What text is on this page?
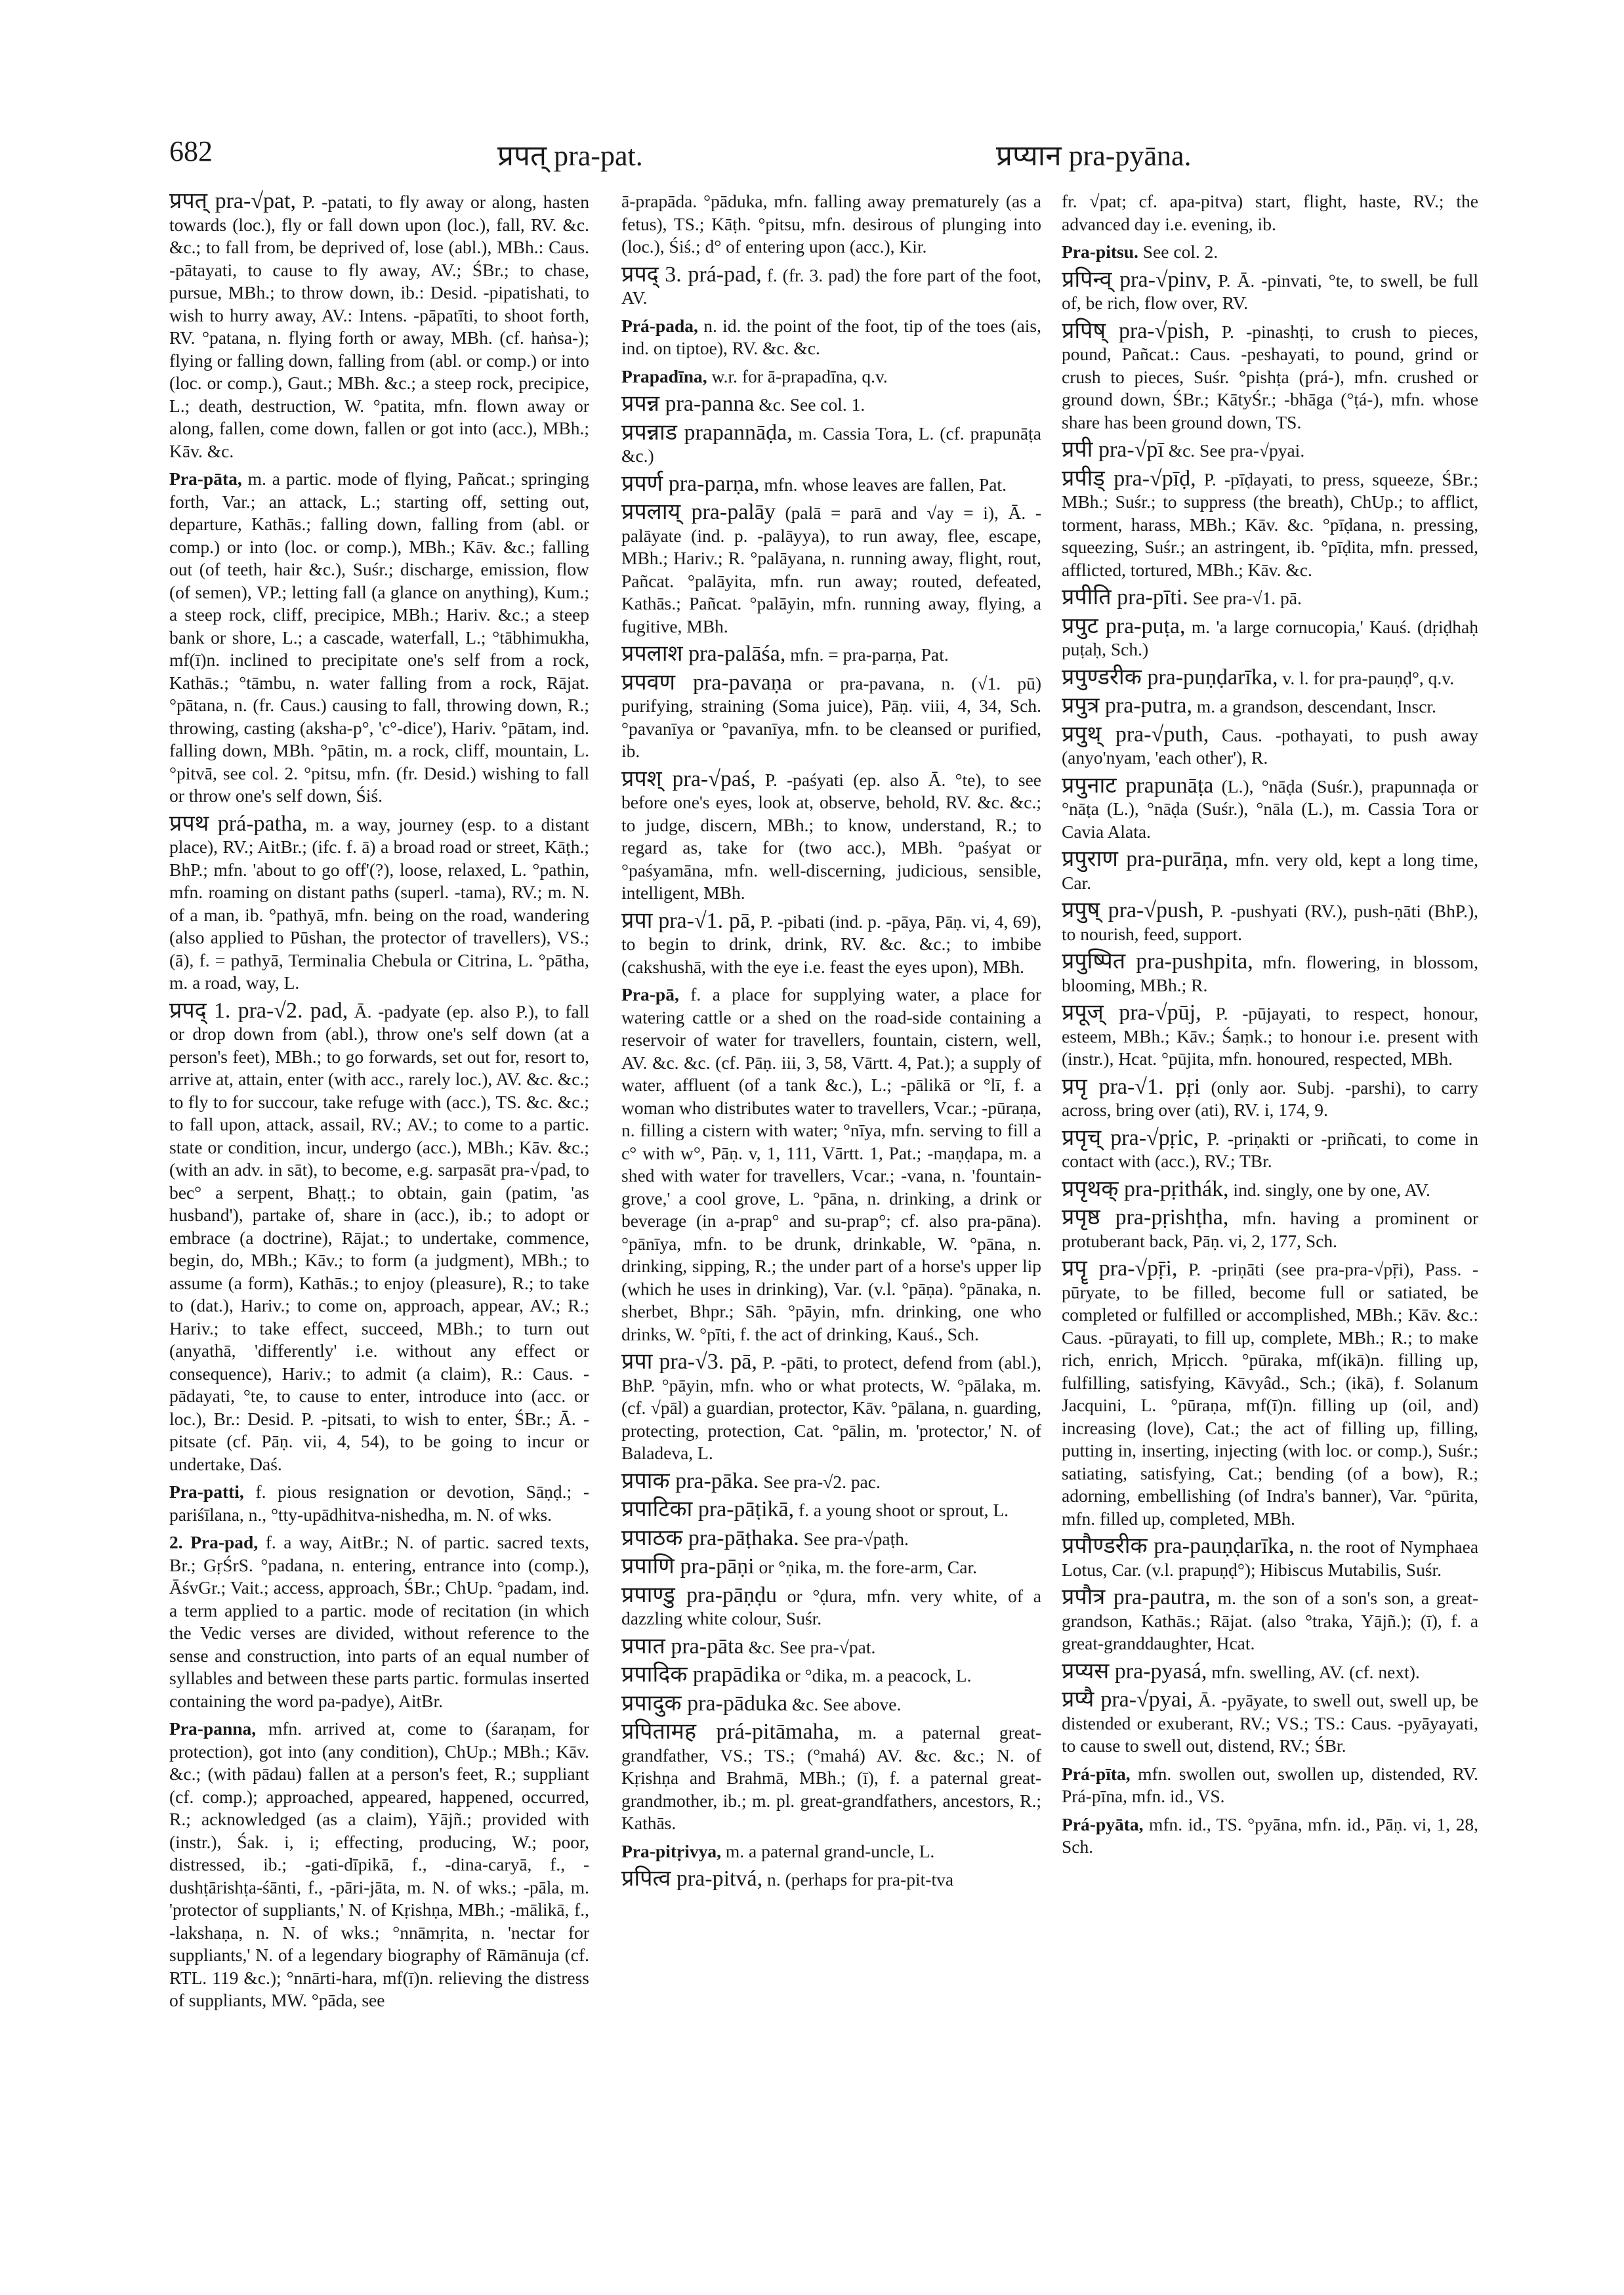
682	प्रपत् pra-pat.	प्रप्यान pra-pyāna.

प्रपत् pra-√pat, P. -patati, to fly away or along, hasten towards (loc.), fly or fall down upon (loc.), fall, RV. &c. &c.; to fall from, be deprived of, lose (abl.), MBh.: Caus. -pātayati, to cause to fly away, AV.; ŚBr.; to chase, pursue, MBh.; to throw down, ib.: Desid. -pipatishati, to wish to hurry away, AV.: Intens. -pāpatīti, to shoot forth, RV. °patana, n. flying forth or away, MBh. (cf. haṅsa-); flying or falling down, falling from (abl. or comp.) or into (loc. or comp.), Gaut.; MBh. &c.; a steep rock, precipice, L.; death, destruction, W. °patita, mfn. flown away or along, fallen, come down, fallen or got into (acc.), MBh.; Kāv. &c.

Pra-pāta, m. a partic. mode of flying, Pañcat.; springing forth, Var.; an attack, L.; starting off, setting out, departure, Kathās.; falling down, falling from (abl. or comp.) or into (loc. or comp.), MBh.; Kāv. &c.; falling out (of teeth, hair &c.), Suśr.; discharge, emission, flow (of semen), VP.; letting fall (a glance on anything), Kum.; a steep rock, cliff, precipice, MBh.; Hariv. &c.; a steep bank or shore, L.; a cascade, waterfall, L.; °tābhimukha, mf(ī)n. inclined to precipitate one's self from a rock, Kathās.; °tāmbu, n. water falling from a rock, Rājat. °pātana, n. (fr. Caus.) causing to fall, throwing down, R.; throwing, casting (aksha-p°, 'c°-dice'), Hariv. °pātam, ind. falling down, MBh. °pātin, m. a rock, cliff, mountain, L. °pitvā, see col. 2. °pitsu, mfn. (fr. Desid.) wishing to fall or throw one's self down, Śiś.

प्रपथ prá-patha, m. a way, journey (esp. to a distant place), RV.; AitBr.; (ifc. f. ā) a broad road or street, Kāṭh.; BhP.; mfn. 'about to go off'(?), loose, relaxed, L. °pathin, mfn. roaming on distant paths (superl. -tama), RV.; m. N. of a man, ib. °pathyā, mfn. being on the road, wandering (also applied to Pūshan, the protector of travellers), VS.; (ā), f. = pathyā, Terminalia Chebula or Citrina, L. °pātha, m. a road, way, L.

प्रपद् 1. pra-√2. pad, Ā. -padyate (ep. also P.), to fall or drop down from (abl.), throw one's self down (at a person's feet), MBh.; to go forwards, set out for, resort to, arrive at, attain, enter (with acc., rarely loc.), AV. &c. &c.; to fly to for succour, take refuge with (acc.), TS. &c. &c.; to fall upon, attack, assail, RV.; AV.; to come to a partic. state or condition, incur, undergo (acc.), MBh.; Kāv. &c.; (with an adv. in sāt), to become, e.g. sarpasāt pra-√pad, to bec° a serpent, Bhaṭṭ.; to obtain, gain (patim, 'as husband'), partake of, share in (acc.), ib.; to adopt or embrace (a doctrine), Rājat.; to undertake, commence, begin, do, MBh.; Kāv.; to form (a judgment), MBh.; to assume (a form), Kathās.; to enjoy (pleasure), R.; to take to (dat.), Hariv.; to come on, approach, appear, AV.; R.; Hariv.; to take effect, succeed, MBh.; to turn out (anyathā, 'differently' i.e. without any effect or consequence), Hariv.; to admit (a claim), R.: Caus. -pādayati, °te, to cause to enter, introduce into (acc. or loc.), Br.: Desid. P. -pitsati, to wish to enter, ŚBr.; Ā. -pitsate (cf. Pāṇ. vii, 4, 54), to be going to incur or undertake, Daś.

Pra-patti, f. pious resignation or devotion, Sāṇḍ.; -pariśīlana, n., °tty-upādhitva-nishedha, m. N. of wks.

2. Pra-pad, f. a way, AitBr.; N. of partic. sacred texts, Br.; GṛŚrS. °padana, n. entering, entrance into (comp.), ĀśvGr.; Vait.; access, approach, ŚBr.; ChUp. °padam, ind. a term applied to a partic. mode of recitation (in which the Vedic verses are divided, without reference to the sense and construction, into parts of an equal number of syllables and between these parts partic. formulas inserted containing the word pa-padye), AitBr.

Pra-panna, mfn. arrived at, come to (śaraṇam, for protection), got into (any condition), ChUp.; MBh.; Kāv. &c.; (with pādau) fallen at a person's feet, R.; suppliant (cf. comp.); approached, appeared, happened, occurred, R.; acknowledged (as a claim), Yājñ.; provided with (instr.), Śak. i, i; effecting, producing, W.; poor, distressed, ib.; -gati-dīpikā, f., -dina-caryā, f., -dushṭārishṭa-śānti, f., -pāri-jāta, m. N. of wks.; -pāla, m. 'protector of suppliants,' N. of Kṛishṇa, MBh.; -mālikā, f., -lakshaṇa, n. N. of wks.; °nnāmṛita, n. 'nectar for suppliants,' N. of a legendary biography of Rāmānuja (cf. RTL. 119 &c.); °nnārti-hara, mf(ī)n. relieving the distress of suppliants, MW. °pāda, see

ā-prapāda. °pāduka, mfn. falling away prematurely (as a fetus), TS.; Kāṭh. °pitsu, mfn. desirous of plunging into (loc.), Śiś.; d° of entering upon (acc.), Kir.

प्रपद् 3. prá-pad, f. (fr. 3. pad) the fore part of the foot, AV.

Prá-pada, n. id. the point of the foot, tip of the toes (ais, ind. on tiptoe), RV. &c. &c.

Prapadīna, w.r. for ā-prapadīna, q.v.

प्रपन्न pra-panna &c. See col. 1.

प्रपन्नाड prapannāḍa, m. Cassia Tora, L. (cf. prapunāṭa &c.)

प्रपर्ण pra-parṇa, mfn. whose leaves are fallen, Pat.

प्रपलाय् pra-palāy (palā = parā and √ay = i), Ā. -palāyate (ind. p. -palāyya), to run away, flee, escape, MBh.; Hariv.; R. °palāyana, n. running away, flight, rout, Pañcat. °palāyita, mfn. run away; routed, defeated, Kathās.; Pañcat. °palāyin, mfn. running away, flying, a fugitive, MBh.

प्रपलाश pra-palāśa, mfn. = pra-parṇa, Pat.

प्रपवण pra-pavaṇa or pra-pavana, n. (√1. pū) purifying, straining (Soma juice), Pāṇ. viii, 4, 34, Sch. °pavanīya or °pavanīya, mfn. to be cleansed or purified, ib.

प्रपश् pra-√paś, P. -paśyati (ep. also Ā. °te), to see before one's eyes, look at, observe, behold, RV. &c. &c.; to judge, discern, MBh.; to know, understand, R.; to regard as, take for (two acc.), MBh. °paśyat or °paśyamāna, mfn. well-discerning, judicious, sensible, intelligent, MBh.

प्रपा pra-√1. pā, P. -pibati (ind. p. -pāya, Pāṇ. vi, 4, 69), to begin to drink, drink, RV. &c. &c.; to imbibe (cakshushā, with the eye i.e. feast the eyes upon), MBh.

Pra-pā, f. a place for supplying water, a place for watering cattle or a shed on the road-side containing a reservoir of water for travellers, fountain, cistern, well, AV. &c. &c. (cf. Pāṇ. iii, 3, 58, Vārtt. 4, Pat.); a supply of water, affluent (of a tank &c.), L.; -pālikā or °lī, f. a woman who distributes water to travellers, Vcar.; -pūraṇa, n. filling a cistern with water; °nīya, mfn. serving to fill a c° with w°, Pāṇ. v, 1, 111, Vārtt. 1, Pat.; -maṇḍapa, m. a shed with water for travellers, Vcar.; -vana, n. 'fountain-grove,' a cool grove, L. °pāna, n. drinking, a drink or beverage (in a-prap° and su-prap°; cf. also pra-pāna). °pānīya, mfn. to be drunk, drinkable, W. °pāna, n. drinking, sipping, R.; the under part of a horse's upper lip (which he uses in drinking), Var. (v.l. °pāṇa). °pānaka, n. sherbet, Bhpr.; Sāh. °pāyin, mfn. drinking, one who drinks, W. °pīti, f. the act of drinking, Kauś., Sch.

प्रपा pra-√3. pā, P. -pāti, to protect, defend from (abl.), BhP. °pāyin, mfn. who or what protects, W. °pālaka, m. (cf. √pāl) a guardian, protector, Kāv. °pālana, n. guarding, protecting, protection, Cat. °pālin, m. 'protector,' N. of Baladeva, L.

प्रपाक pra-pāka. See pra-√2. pac.

प्रपाटिका pra-pāṭikā, f. a young shoot or sprout, L.

प्रपाठक pra-pāṭhaka. See pra-√paṭh.

प्रपाणि pra-pāṇi or °ṇika, m. the fore-arm, Car.

प्रपाण्डु pra-pāṇḍu or °ḍura, mfn. very white, of a dazzling white colour, Suśr.

प्रपात pra-pāta &c. See pra-√pat.

प्रपादिक prapādika or °dika, m. a peacock, L.

प्रपादुक pra-pāduka &c. See above.

प्रपितामह prá-pitāmaha, m. a paternal great-grandfather, VS.; TS.; (°mahá) AV. &c. &c.; N. of Kṛishṇa and Brahmā, MBh.; (ī), f. a paternal great-grandmother, ib.; m. pl. great-grandfathers, ancestors, R.; Kathās.

Pra-pitṛivya, m. a paternal grand-uncle, L.

प्रपित्व pra-pitvá, n. (perhaps for pra-pit-tva

fr. √pat; cf. apa-pitva) start, flight, haste, RV.; the advanced day i.e. evening, ib.

Pra-pitsu. See col. 2.

प्रपिन्व् pra-√pinv, P. Ā. -pinvati, °te, to swell, be full of, be rich, flow over, RV.

प्रपिष् pra-√pish, P. -pinashṭi, to crush to pieces, pound, Pañcat.: Caus. -peshayati, to pound, grind or crush to pieces, Suśr. °pishṭa (prá-), mfn. crushed or ground down, ŚBr.; KātyŚr.; -bhāga (°ṭá-), mfn. whose share has been ground down, TS.

प्रपी pra-√pī &c. See pra-√pyai.

प्रपीड् pra-√pīḍ, P. -pīḍayati, to press, squeeze, ŚBr.; MBh.; Suśr.; to suppress (the breath), ChUp.; to afflict, torment, harass, MBh.; Kāv. &c. °pīḍana, n. pressing, squeezing, Suśr.; an astringent, ib. °pīḍita, mfn. pressed, afflicted, tortured, MBh.; Kāv. &c.

प्रपीति pra-pīti. See pra-√1. pā.

प्रपुट pra-puṭa, m. 'a large cornucopia,' Kauś. (dṛiḍhaḥ puṭaḥ, Sch.)

प्रपुण्डरीक pra-puṇḍarīka, v. l. for pra-pauṇḍ°, q.v.

प्रपुत्र pra-putra, m. a grandson, descendant, Inscr.

प्रपुथ् pra-√puth, Caus. -pothayati, to push away (anyo'nyam, 'each other'), R.

प्रपुनाट prapunāṭa (L.), °nāḍa (Suśr.), prapunnaḍa or °nāṭa (L.), °nāḍa (Suśr.), °nāla (L.), m. Cassia Tora or Cavia Alata.

प्रपुराण pra-purāṇa, mfn. very old, kept a long time, Car.

प्रपुष् pra-√push, P. -pushyati (RV.), push-ṇāti (BhP.), to nourish, feed, support.

प्रपुष्पित pra-pushpita, mfn. flowering, in blossom, blooming, MBh.; R.

प्रपूज् pra-√pūj, P. -pūjayati, to respect, honour, esteem, MBh.; Kāv.; Śaṃk.; to honour i.e. present with (instr.), Hcat. °pūjita, mfn. honoured, respected, MBh.

प्रपृ pra-√1. pṛi (only aor. Subj. -parshi), to carry across, bring over (ati), RV. i, 174, 9.

प्रपृच् pra-√pṛic, P. -priṇakti or -priñcati, to come in contact with (acc.), RV.; TBr.

प्रपृथक् pra-pṛithák, ind. singly, one by one, AV.

प्रपृष्ठ pra-pṛishṭha, mfn. having a prominent or protuberant back, Pāṇ. vi, 2, 177, Sch.

प्रपॄ pra-√pṝi, P. -priṇāti (see pra-pra-√pṝi), Pass. -pūryate, to be filled, become full or satiated, be completed or fulfilled or accomplished, MBh.; Kāv. &c.: Caus. -pūrayati, to fill up, complete, MBh.; R.; to make rich, enrich, Mṛicch. °pūraka, mf(ikā)n. filling up, fulfilling, satisfying, Kāvyâd., Sch.; (ikā), f. Solanum Jacquini, L. °pūraṇa, mf(ī)n. filling up (oil, and) increasing (love), Cat.; the act of filling up, filling, putting in, inserting, injecting (with loc. or comp.), Suśr.; satiating, satisfying, Cat.; bending (of a bow), R.; adorning, embellishing (of Indra's banner), Var. °pūrita, mfn. filled up, completed, MBh.

प्रपौण्डरीक pra-pauṇḍarīka, n. the root of Nymphaea Lotus, Car. (v.l. prapuṇḍ°); Hibiscus Mutabilis, Suśr.

प्रपौत्र pra-pautra, m. the son of a son's son, a great-grandson, Kathās.; Rājat. (also °traka, Yājñ.); (ī), f. a great-granddaughter, Hcat.

प्रप्यस pra-pyasá, mfn. swelling, AV. (cf. next).

प्रप्यै pra-√pyai, Ā. -pyāyate, to swell out, swell up, be distended or exuberant, RV.; VS.; TS.: Caus. -pyāyayati, to cause to swell out, distend, RV.; ŚBr.

Prá-pīta, mfn. swollen out, swollen up, distended, RV. Prá-pīna, mfn. id., VS.

Prá-pyāta, mfn. id., TS. °pyāna, mfn. id., Pāṇ. vi, 1, 28, Sch.
